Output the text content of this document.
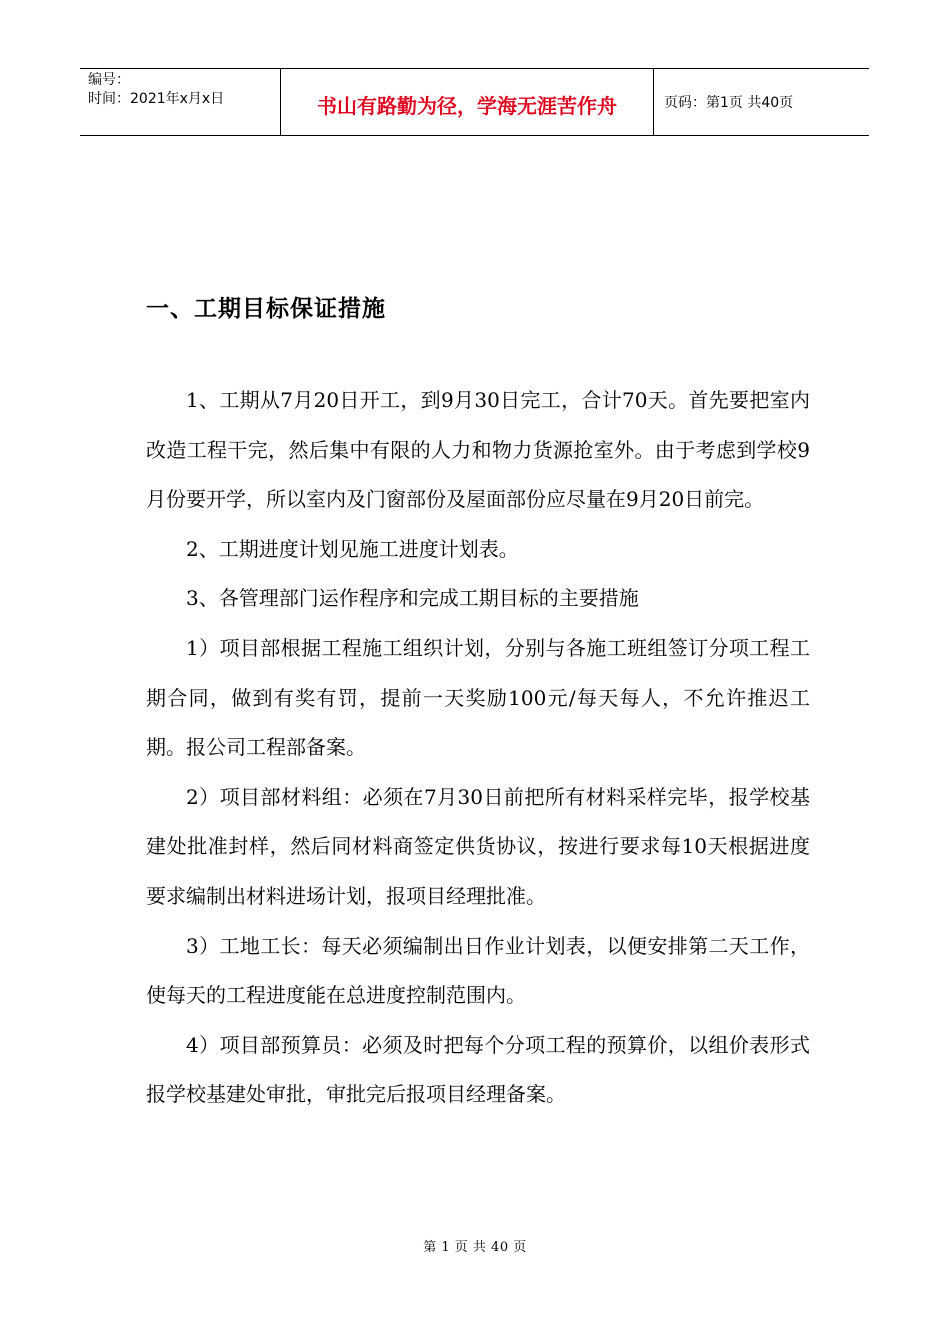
编号：
时间：2021年x月x日	书山有路勤为径，学海无涯苦作舟	页码：第1页 共40页
一、工期目标保证措施

1、工期从7月20日开工，到9月30日完工，合计70天。首先要把室内改造工程干完，然后集中有限的人力和物力货源抢室外。由于考虑到学校9月份要开学，所以室内及门窗部份及屋面部份应尽量在9月20日前完。

2、工期进度计划见施工进度计划表。

3、各管理部门运作程序和完成工期目标的主要措施

1）项目部根据工程施工组织计划，分别与各施工班组签订分项工程工期合同，做到有奖有罚，提前一天奖励100元/每天每人，不允许推迟工期。报公司工程部备案。

2）项目部材料组：必须在7月30日前把所有材料采样完毕，报学校基建处批准封样，然后同材料商签定供货协议，按进行要求每10天根据进度要求编制出材料进场计划，报项目经理批准。

3）工地工长：每天必须编制出日作业计划表，以便安排第二天工作，使每天的工程进度能在总进度控制范围内。

4）项目部预算员：必须及时把每个分项工程的预算价，以组价表形式报学校基建处审批，审批完后报项目经理备案。

第 1 页 共 40 页
